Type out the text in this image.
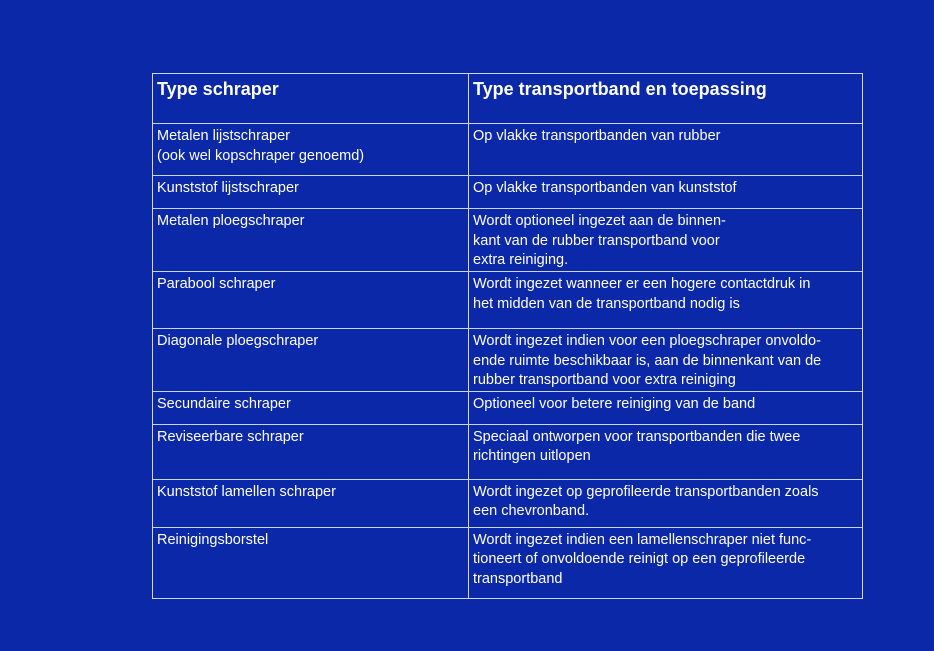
Type schraper	Type transportband en toepassing
Metalen lijstschraper
(ook wel kopschraper genoemd)	Op vlakke transportbanden van rubber
Kunststof lijstschraper	Op vlakke transportbanden van kunststof
Metalen ploegschraper	Wordt optioneel ingezet aan de binnen-
kant van de rubber transportband voor
extra reiniging.
Parabool schraper	Wordt ingezet wanneer er een hogere contactdruk in
het midden van de transportband nodig is
Diagonale ploegschraper	Wordt ingezet indien voor een ploegschraper onvoldo-
ende ruimte beschikbaar is, aan de binnenkant van de
rubber transportband voor extra reiniging
Secundaire schraper	Optioneel voor betere reiniging van de band
Reviseerbare schraper	Speciaal ontworpen voor transportbanden die twee
richtingen uitlopen
Kunststof lamellen schraper	Wordt ingezet op geprofileerde transportbanden zoals
een chevronband.
Reinigingsborstel	Wordt ingezet indien een lamellenschraper niet func-
tioneert of onvoldoende reinigt op een geprofileerde
transportband
